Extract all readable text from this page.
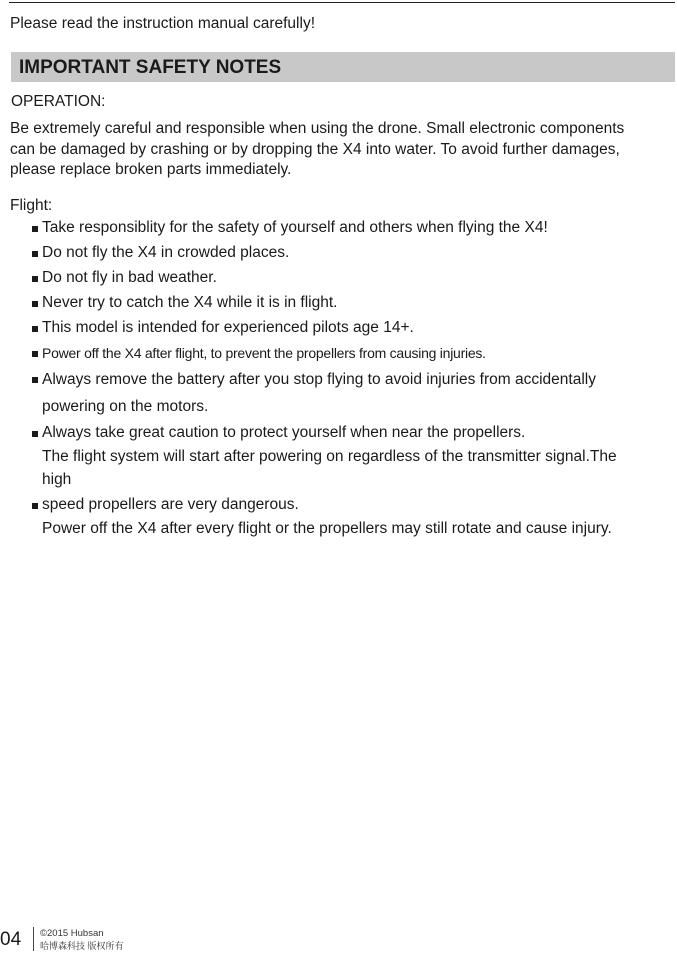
Please read the instruction manual carefully!
IMPORTANT SAFETY NOTES
OPERATION:
Be extremely careful and responsible when using the drone. Small electronic components
can be damaged by crashing or by dropping the X4 into water. To avoid further damages,
please replace broken parts immediately.
Flight:
Take responsiblity for the safety of yourself and others when flying the X4!
Do not fly the X4 in crowded places.
Do not fly in bad weather.
Never try to catch the X4 while it is in flight.
This model is intended for experienced pilots age 14+.
Power off the X4 after flight, to prevent the propellers from causing injuries.
Always remove the battery after you stop flying to avoid injuries from accidentally
powering on the motors.
Always take great caution to protect yourself when near the propellers.
The flight system will start after powering on regardless of the transmitter signal.The
high
speed propellers are very dangerous.
Power off the X4 after every flight or the propellers may still rotate and cause injury.
04 ©2015 Hubsan
哈博森科技 版权所有
